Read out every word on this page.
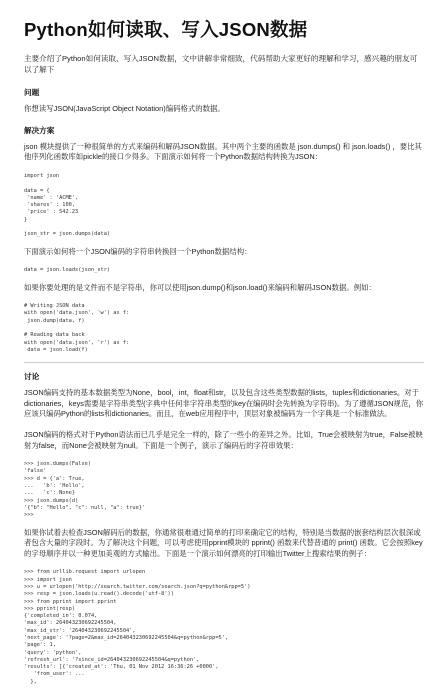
Python如何读取、写入JSON数据

主要介绍了Python如何读取、写入JSON数据，文中讲解非常细致，代码帮助大家更好的理解和学习，感兴趣的朋友可以了解下

问题

你想读写JSON(JavaScript Object Notation)编码格式的数据。

解决方案

json 模块提供了一种很简单的方式来编码和解码JSON数据。其中两个主要的函数是 json.dumps() 和 json.loads() ，要比其他序列化函数库如pickle的接口少得多。下面演示如何将一个Python数据结构转换为JSON：

import json

data = {
'name' : 'ACME',
'shares' : 100,
'price' : 542.23
}

json_str = json.dumps(data)

下面演示如何将一个JSON编码的字符串转换回一个Python数据结构：

data = json.loads(json_str)

如果你要处理的是文件而不是字符串，你可以使用json.dump()和json.load()来编码和解码JSON数据。例如：

# Writing JSON data
with open('data.json', 'w') as f:
json.dump(data, f)

# Reading data back
with open('data.json', 'r') as f:
data = json.load(f)
讨论

JSON编码支持的基本数据类型为None，bool，int，float和str，以及包含这些类型数据的lists，tuples和dictionaries。对于dictionaries，keys需要是字符串类型(字典中任何非字符串类型的key在编码时会先转换为字符串)。为了遵循JSON规范，你应该只编码Python的lists和dictionaries。而且，在web应用程序中，顶层对象被编码为一个字典是一个标准做法。

JSON编码的格式对于Python语法而已几乎是完全一样的，除了一些小的差异之外。比如，True会被映射为true，False被映射为false，而None会被映射为null。下面是一个例子，演示了编码后的字符串效果：

>>> json.dumps(False)
'false'
>>> d = {'a': True,
...   'b': 'Hello',
...   'c': None}
>>> json.dumps(d)
'{"b": "Hello", "c": null, "a": true}'
>>>

如果你试着去检查JSON解码后的数据，你通常很难通过简单的打印来确定它的结构，特别是当数据的嵌套结构层次很深或者包含大量的字段时。为了解决这个问题，可以考虑使用pprint模块的 pprint() 函数来代替普通的 print() 函数。它会按照key的字母顺序并以一种更加美观的方式输出。下面是一个演示如何漂亮的打印输出Twitter上搜索结果的例子：

>>> from urllib.request import urlopen
>>> import json
>>> u = urlopen('http://search.twitter.com/search.json?q=python&rpp=5')
>>> resp = json.loads(u.read().decode('utf-8'))
>>> from pprint import pprint
>>> pprint(resp)
{'completed_in': 0.074,
'max_id': 264043230692245504,
'max_id_str': '264043230692245504',
'next_page': '?page=2&max_id=264043230692245504&q=python&rpp=5',
'page': 1,
'query': 'python',
'refresh_url': '?since_id=264043230692245504&q=python',
'results': [{'created_at': 'Thu, 01 Nov 2012 16:36:26 +0000',
'from_user': ...
},
